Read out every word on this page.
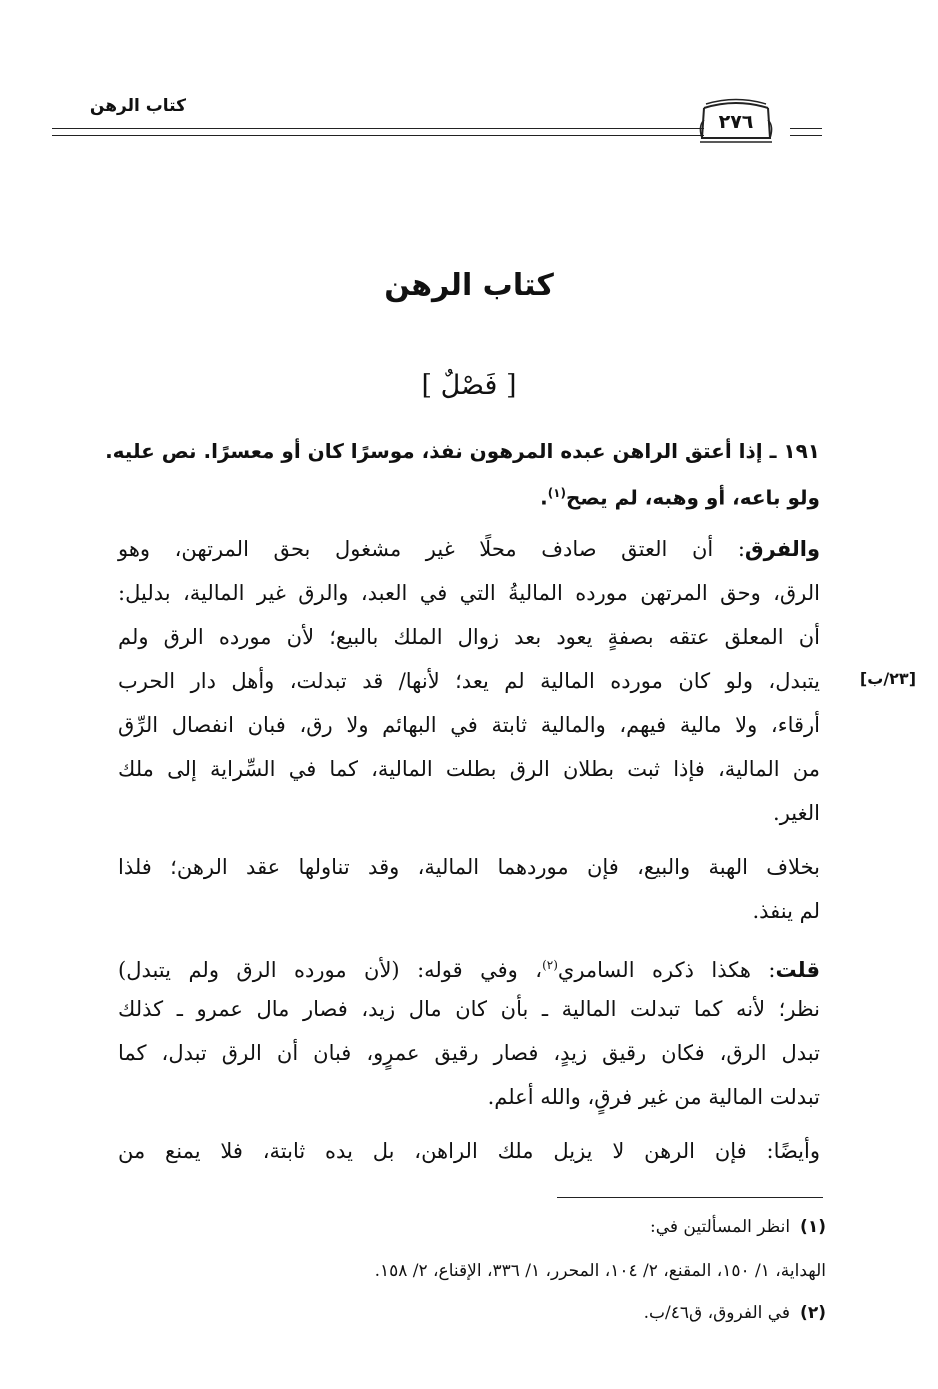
كتاب الرهن
٢٧٦
كتاب الرهن
[ فَصْلٌ ]
١٩١ ـ إذا أعتق الراهن عبده المرهون نفذ، موسرًا كان أو معسرًا. نص عليه.
ولو باعه، أو وهبه، لم يصح$^{(١)}$.
والفرق: أن العتق صادف محلًا غير مشغول بحق المرتهن، وهو
الرق، وحق المرتهن مورده الماليةُ التي في العبد، والرق غير المالية، بدليل:
أن المعلق عتقه بصفةٍ يعود بعد زوال الملك بالبيع؛ لأن مورده الرق ولم
يتبدل، ولو كان مورده المالية لم يعد؛ لأنها/ قد تبدلت، وأهل دار الحرب
أرقاء، ولا مالية فيهم، والمالية ثابتة في البهائم ولا رق، فبان انفصال الرِّق
من المالية، فإذا ثبت بطلان الرق بطلت المالية، كما في السِّراية إلى ملك
الغير.
[٢٣/ب]
بخلاف الهبة والبيع، فإن موردهما المالية، وقد تناولها عقد الرهن؛ فلذا
لم ينفذ.
قلت: هكذا ذكره السامري$^{(٢)}$، وفي قوله: (لأن مورده الرق ولم يتبدل)
نظر؛ لأنه كما تبدلت المالية ـ بأن كان مال زيد، فصار مال عمرو ـ كذلك
تبدل الرق، فكان رقيق زيدٍ، فصار رقيق عمرٍو، فبان أن الرق تبدل، كما
تبدلت المالية من غير فرقٍ، والله أعلم.
وأيضًا: فإن الرهن لا يزيل ملك الراهن، بل يده ثابتة، فلا يمنع من
(١)انظر المسألتين في:
الهداية، ١/ ١٥٠، المقنع، ٢/ ١٠٤، المحرر، ١/ ٣٣٦، الإقناع، ٢/ ١٥٨.
(٢)في الفروق، ق٤٦/ب.
